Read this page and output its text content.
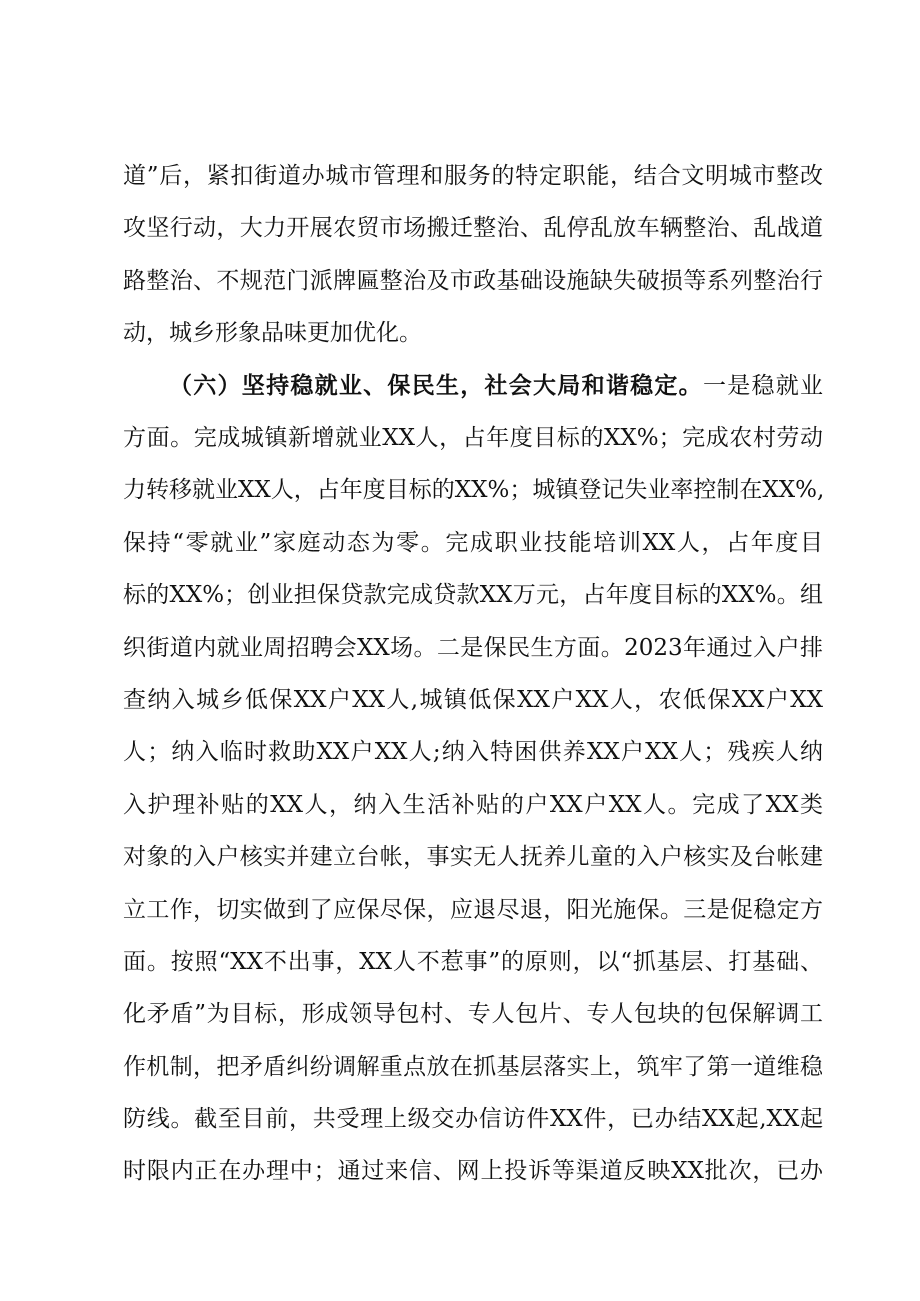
道”后，紧扣街道办城市管理和服务的特定职能，结合文明城市整改
攻坚行动，大力开展农贸市场搬迁整治、乱停乱放车辆整治、乱战道
路整治、不规范门派牌匾整治及市政基础设施缺失破损等系列整治行
动，城乡形象品味更加优化。
（六）坚持稳就业、保民生，社会大局和谐稳定。一是稳就业
方面。完成城镇新增就业XX人，占年度目标的XX%；完成农村劳动
力转移就业XX人，占年度目标的XX%；城镇登记失业率控制在XX%,
保持“零就业”家庭动态为零。完成职业技能培训XX人，占年度目
标的XX%；创业担保贷款完成贷款XX万元，占年度目标的XX%。组
织街道内就业周招聘会XX场。二是保民生方面。2023年通过入户排
查纳入城乡低保XX户XX人,城镇低保XX户XX人，农低保XX户XX
人；纳入临时救助XX户XX人;纳入特困供养XX户XX人；残疾人纳
入护理补贴的XX人，纳入生活补贴的户XX户XX人。完成了XX类
对象的入户核实并建立台帐，事实无人抚养儿童的入户核实及台帐建
立工作，切实做到了应保尽保，应退尽退，阳光施保。三是促稳定方
面。按照“XX不出事，XX人不惹事”的原则，以“抓基层、打基础、
化矛盾”为目标，形成领导包村、专人包片、专人包块的包保解调工
作机制，把矛盾纠纷调解重点放在抓基层落实上，筑牢了第一道维稳
防线。截至目前，共受理上级交办信访件XX件，已办结XX起,XX起
时限内正在办理中；通过来信、网上投诉等渠道反映XX批次，已办
